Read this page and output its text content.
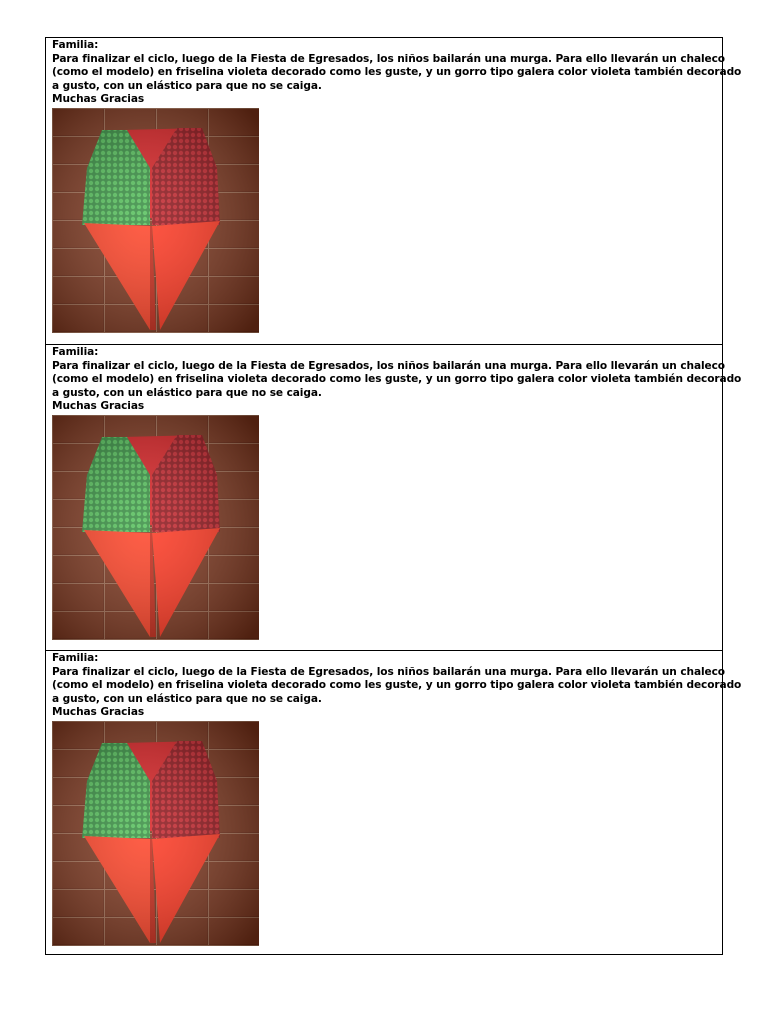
Familia:
Para finalizar el ciclo, luego de la Fiesta de Egresados, los niños bailarán una murga. Para ello llevarán un chaleco
(como el modelo) en friselina violeta decorado como les guste, y un gorro tipo galera color violeta también decorado
a gusto, con un elástico para que no se caiga.
Muchas Gracias
Familia:
Para finalizar el ciclo, luego de la Fiesta de Egresados, los niños bailarán una murga. Para ello llevarán un chaleco
(como el modelo) en friselina violeta decorado como les guste, y un gorro tipo galera color violeta también decorado
a gusto, con un elástico para que no se caiga.
Muchas Gracias
Familia:
Para finalizar el ciclo, luego de la Fiesta de Egresados, los niños bailarán una murga. Para ello llevarán un chaleco
(como el modelo) en friselina violeta decorado como les guste, y un gorro tipo galera color violeta también decorado
a gusto, con un elástico para que no se caiga.
Muchas Gracias
